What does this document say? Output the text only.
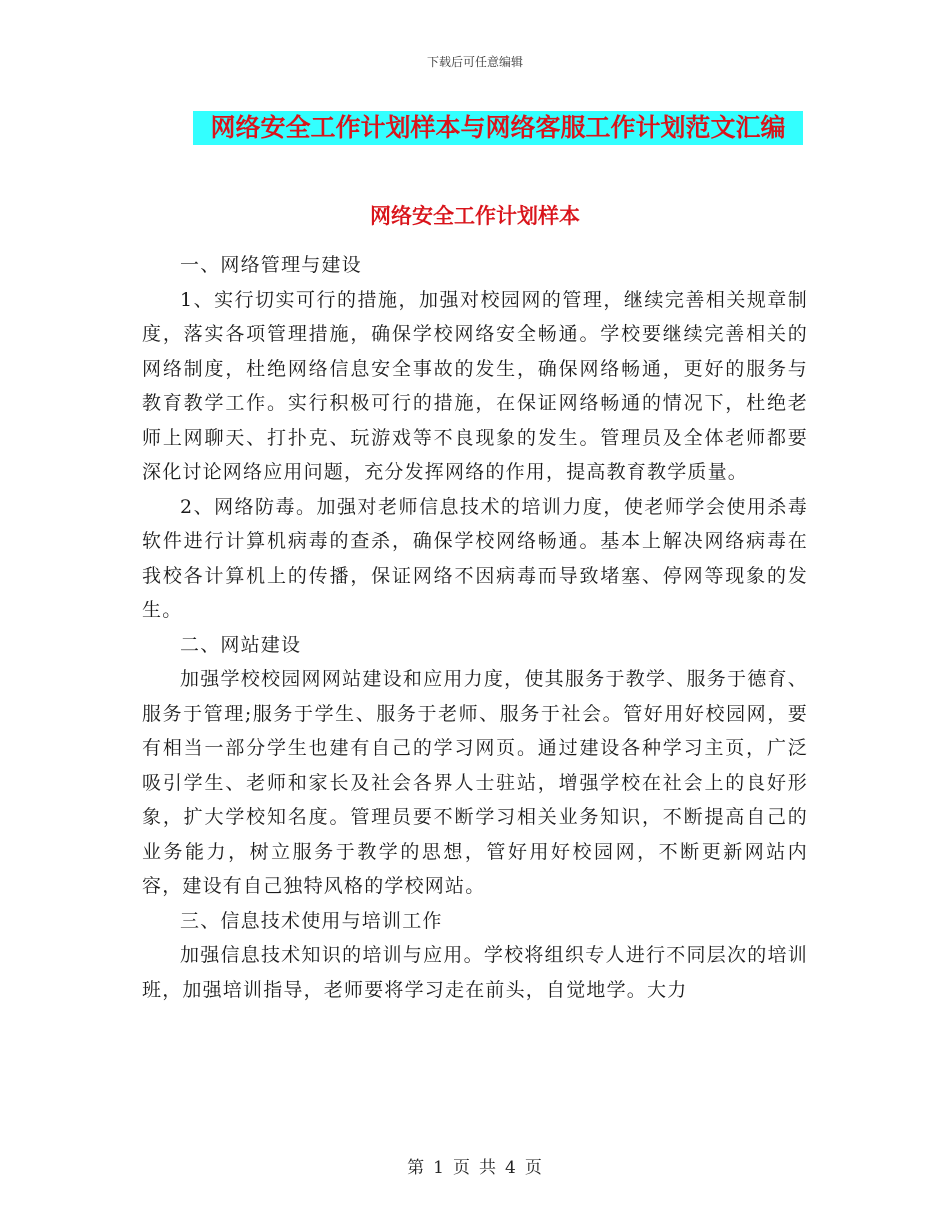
下载后可任意编辑
网络安全工作计划样本与网络客服工作计划范文汇编
网络安全工作计划样本

一、网络管理与建设

1、实行切实可行的措施，加强对校园网的管理，继续完善相关规章制度，落实各项管理措施，确保学校网络安全畅通。学校要继续完善相关的网络制度，杜绝网络信息安全事故的发生，确保网络畅通，更好的服务与教育教学工作。实行积极可行的措施，在保证网络畅通的情况下，杜绝老师上网聊天、打扑克、玩游戏等不良现象的发生。管理员及全体老师都要深化讨论网络应用问题，充分发挥网络的作用，提高教育教学质量。

2、网络防毒。加强对老师信息技术的培训力度，使老师学会使用杀毒软件进行计算机病毒的查杀，确保学校网络畅通。基本上解决网络病毒在我校各计算机上的传播，保证网络不因病毒而导致堵塞、停网等现象的发生。

二、网站建设

加强学校校园网网站建设和应用力度，使其服务于教学、服务于德育、服务于管理;服务于学生、服务于老师、服务于社会。管好用好校园网，要有相当一部分学生也建有自己的学习网页。通过建设各种学习主页，广泛吸引学生、老师和家长及社会各界人士驻站，增强学校在社会上的良好形象，扩大学校知名度。管理员要不断学习相关业务知识，不断提高自己的业务能力，树立服务于教学的思想，管好用好校园网，不断更新网站内容，建设有自己独特风格的学校网站。

三、信息技术使用与培训工作

加强信息技术知识的培训与应用。学校将组织专人进行不同层次的培训班，加强培训指导，老师要将学习走在前头，自觉地学。大力

第 1 页 共 4 页
